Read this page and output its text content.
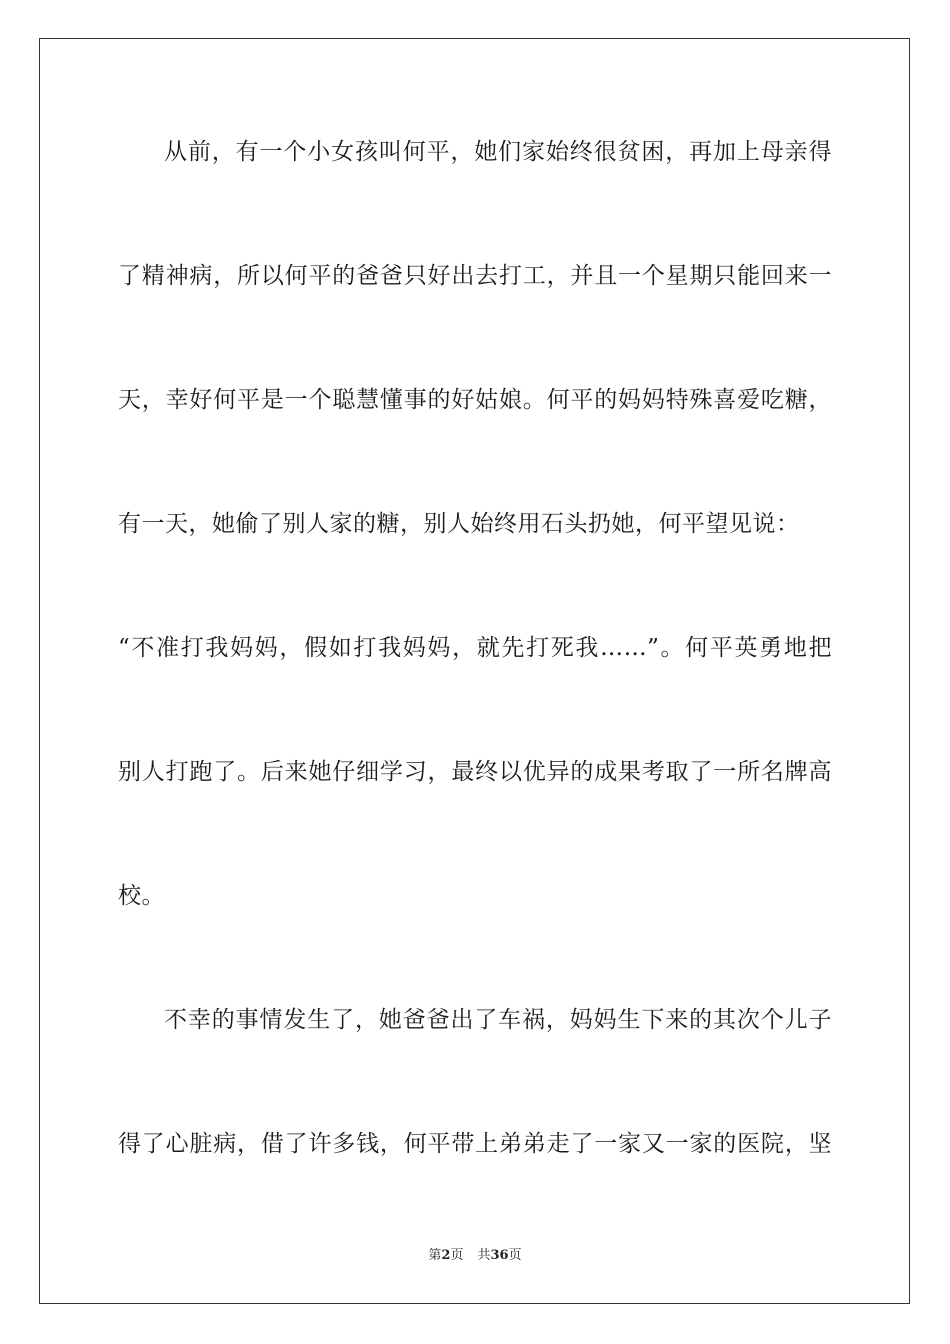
从前，有一个小女孩叫何平，她们家始终很贫困，再加上母亲得
了精神病，所以何平的爸爸只好出去打工，并且一个星期只能回来一
天，幸好何平是一个聪慧懂事的好姑娘。何平的妈妈特殊喜爱吃糖，
有一天，她偷了别人家的糖，别人始终用石头扔她，何平望见说：
“不准打我妈妈，假如打我妈妈，就先打死我……”。何平英勇地把
别人打跑了。后来她仔细学习，最终以优异的成果考取了一所名牌高
校。
不幸的事情发生了，她爸爸出了车祸，妈妈生下来的其次个儿子
得了心脏病，借了许多钱，何平带上弟弟走了一家又一家的医院，坚
第2页 共36页
